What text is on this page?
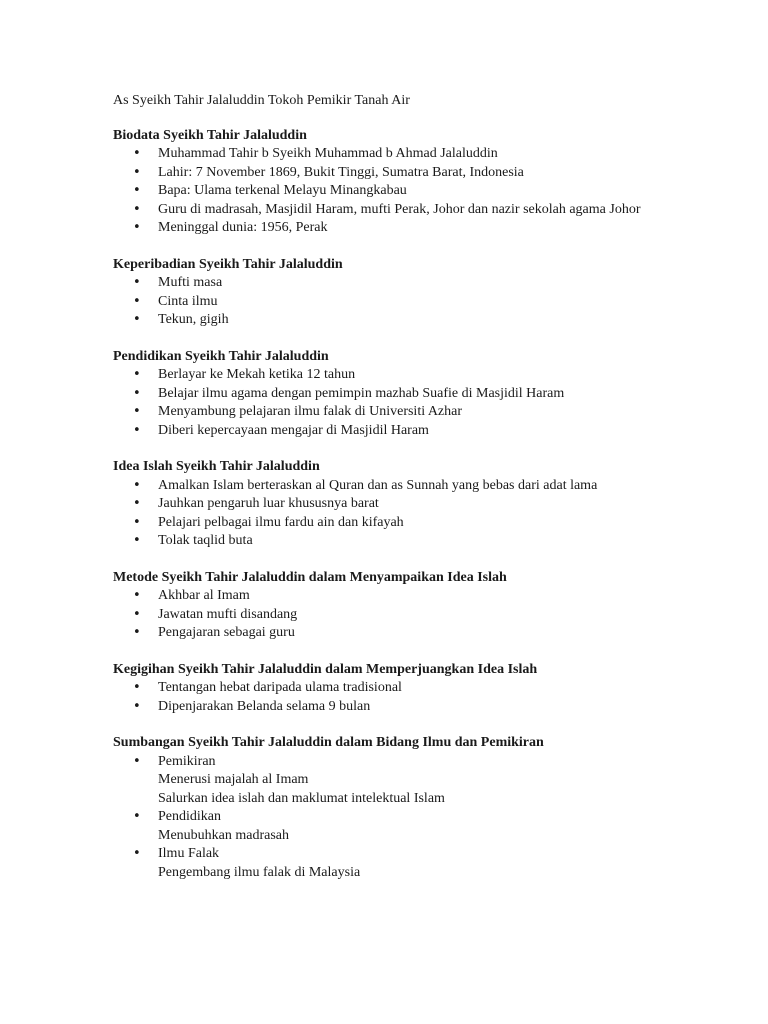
As Syeikh Tahir Jalaluddin Tokoh Pemikir Tanah Air

Biodata Syeikh Tahir Jalaluddin

• Muhammad Tahir b Syeikh Muhammad b Ahmad Jalaluddin
• Lahir: 7 November 1869, Bukit Tinggi, Sumatra Barat, Indonesia
• Bapa: Ulama terkenal Melayu Minangkabau
• Guru di madrasah, Masjidil Haram, mufti Perak, Johor dan nazir sekolah agama Johor
• Meninggal dunia: 1956, Perak

Keperibadian Syeikh Tahir Jalaluddin

• Mufti masa
• Cinta ilmu
• Tekun, gigih

Pendidikan Syeikh Tahir Jalaluddin

• Berlayar ke Mekah ketika 12 tahun
• Belajar ilmu agama dengan pemimpin mazhab Suafie di Masjidil Haram
• Menyambung pelajaran ilmu falak di Universiti Azhar
• Diberi kepercayaan mengajar di Masjidil Haram

Idea Islah Syeikh Tahir Jalaluddin

• Amalkan Islam berteraskan al Quran dan as Sunnah yang bebas dari adat lama
• Jauhkan pengaruh luar khususnya barat
• Pelajari pelbagai ilmu fardu ain dan kifayah
• Tolak taqlid buta

Metode Syeikh Tahir Jalaluddin dalam Menyampaikan Idea Islah

• Akhbar al Imam
• Jawatan mufti disandang
• Pengajaran sebagai guru

Kegigihan Syeikh Tahir Jalaluddin dalam Memperjuangkan Idea Islah

• Tentangan hebat daripada ulama tradisional
• Dipenjarakan Belanda selama 9 bulan

Sumbangan Syeikh Tahir Jalaluddin dalam Bidang Ilmu dan Pemikiran

• Pemikiran
Menerusi majalah al Imam
Salurkan idea islah dan maklumat intelektual Islam
• Pendidikan
Menubuhkan madrasah
• Ilmu Falak
Pengembang ilmu falak di Malaysia
